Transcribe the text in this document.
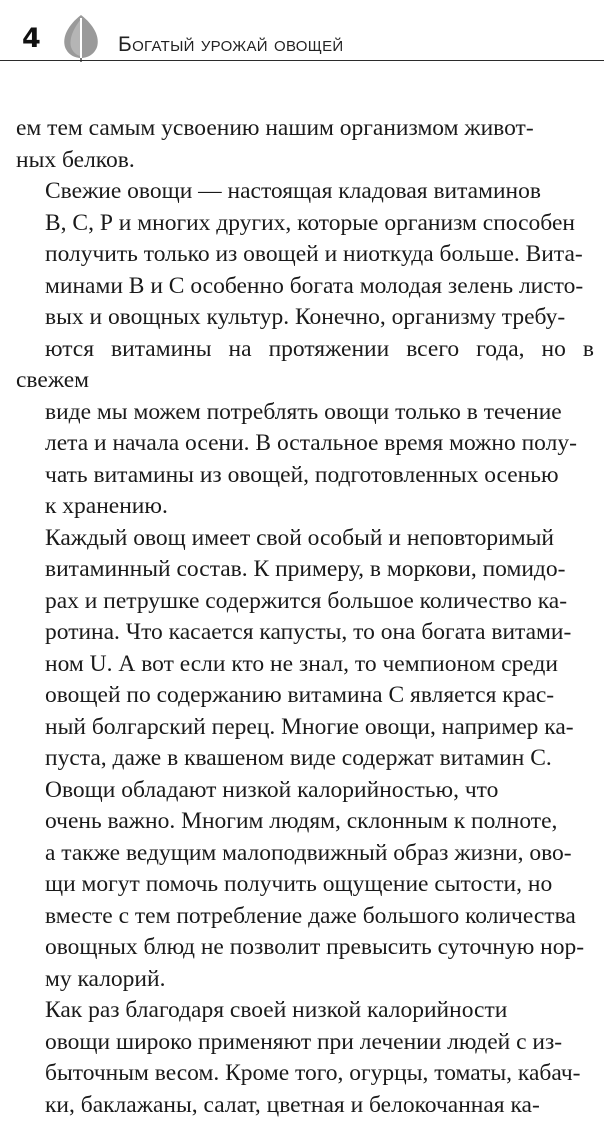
4	Богатый урожай овощей

ем тем самым усвоению нашим организмом живот-
ных белков.

Свежие овощи — настоящая кладовая витаминов
В, С, Р и многих других, которые организм способен
получить только из овощей и ниоткуда больше. Вита-
минами В и С особенно богата молодая зелень листо-
вых и овощных культур. Конечно, организму требу-
ются витамины на протяжении всего года, но в свежем
виде мы можем потреблять овощи только в течение
лета и начала осени. В остальное время можно полу-
чать витамины из овощей, подготовленных осенью
к хранению.

Каждый овощ имеет свой особый и неповторимый
витаминный состав. К примеру, в моркови, помидо-
рах и петрушке содержится большое количество ка-
ротина. Что касается капусты, то она богата витами-
ном U. А вот если кто не знал, то чемпионом среди
овощей по содержанию витамина С является крас-
ный болгарский перец. Многие овощи, например ка-
пуста, даже в квашеном виде содержат витамин С.

Овощи обладают низкой калорийностью, что
очень важно. Многим людям, склонным к полноте,
а также ведущим малоподвижный образ жизни, ово-
щи могут помочь получить ощущение сытости, но
вместе с тем потребление даже большого количества
овощных блюд не позволит превысить суточную нор-
му калорий.

Как раз благодаря своей низкой калорийности
овощи широко применяют при лечении людей с из-
быточным весом. Кроме того, огурцы, томаты, кабач-
ки, баклажаны, салат, цветная и белокочанная ка-
